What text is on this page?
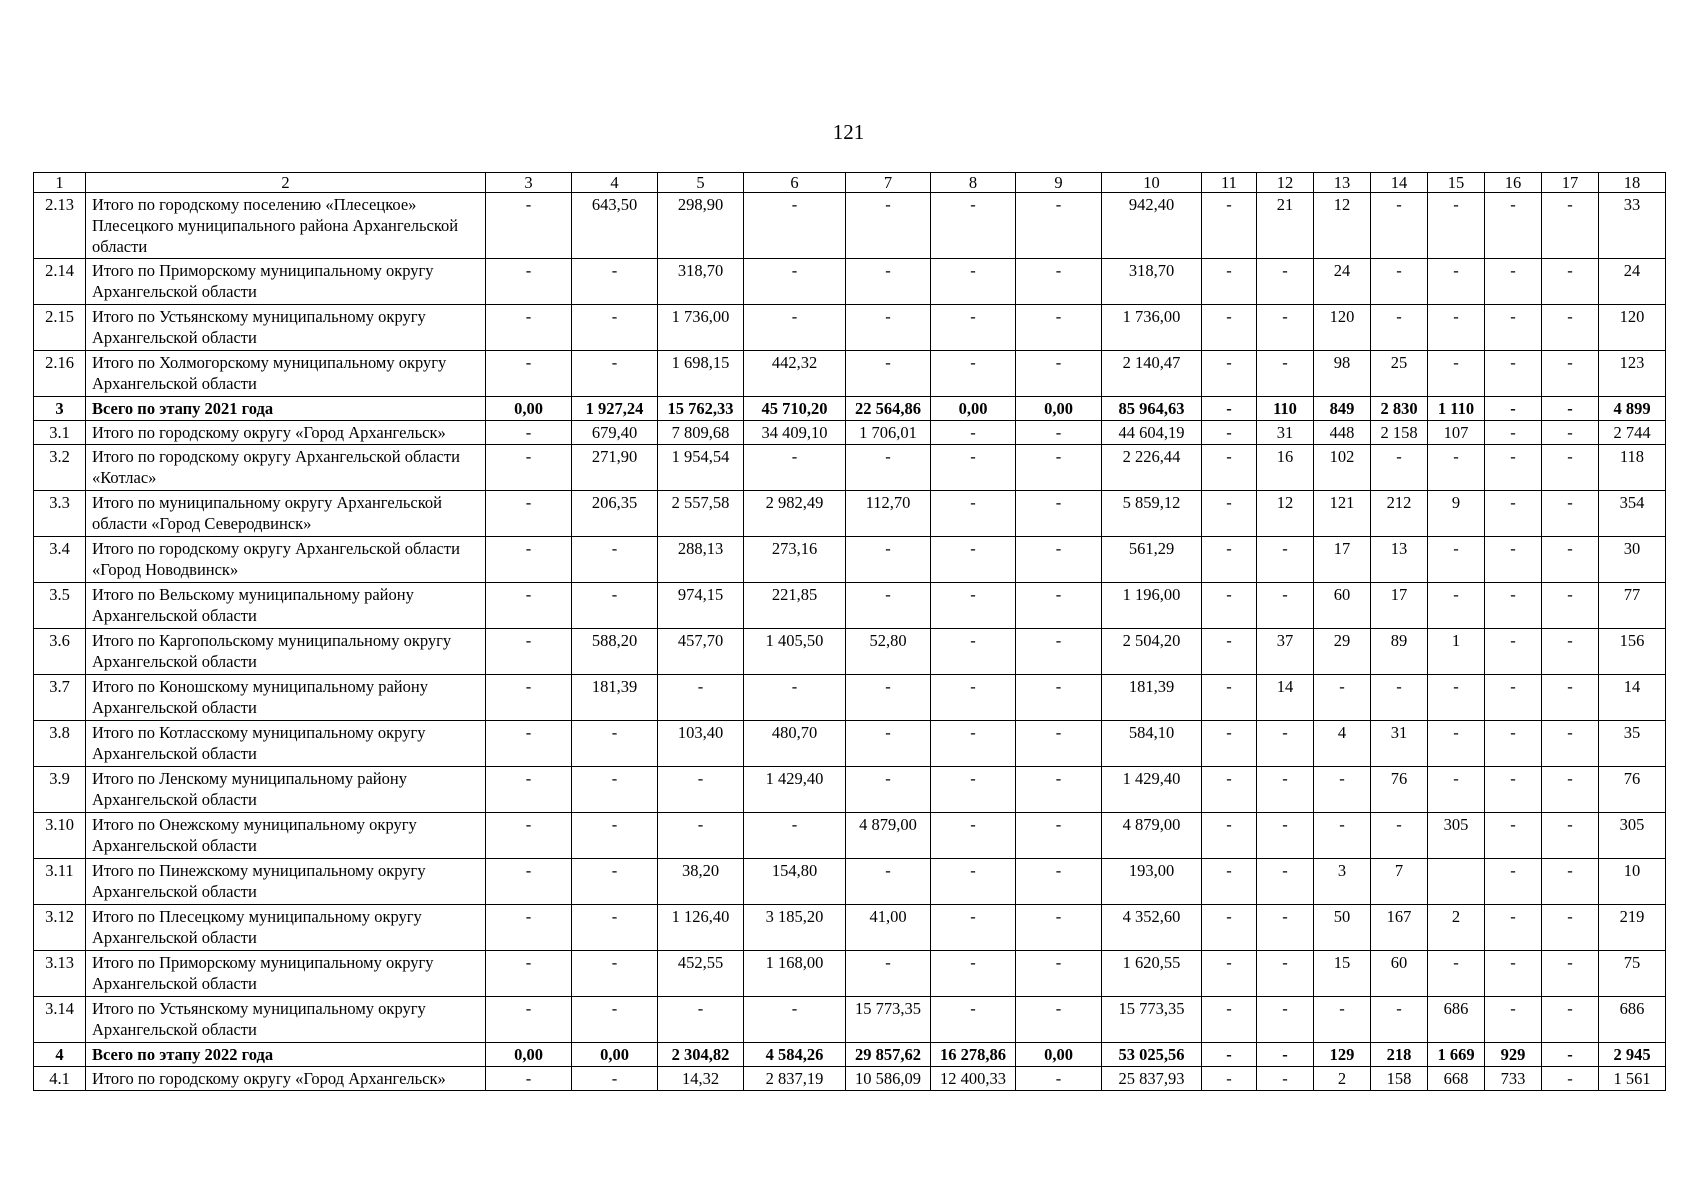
121
1	2	3	4	5	6	7	8	9	10	11	12	13	14	15	16	17	18
2.13	Итого по городскому поселению «Плесецкое» Плесецкого муниципального района Архангельской области	-	643,50	298,90	-	-	-	-	942,40	-	21	12	-	-	-	-	33
2.14	Итого по Приморскому муниципальному округу Архангельской области	-	-	318,70	-	-	-	-	318,70	-	-	24	-	-	-	-	24
2.15	Итого по Устьянскому муниципальному округу Архангельской области	-	-	1 736,00	-	-	-	-	1 736,00	-	-	120	-	-	-	-	120
2.16	Итого по Холмогорскому муниципальному округу Архангельской области	-	-	1 698,15	442,32	-	-	-	2 140,47	-	-	98	25	-	-	-	123
3	Всего по этапу 2021 года	0,00	1 927,24	15 762,33	45 710,20	22 564,86	0,00	0,00	85 964,63	-	110	849	2 830	1 110	-	-	4 899
3.1	Итого по городскому округу «Город Архангельск»	-	679,40	7 809,68	34 409,10	1 706,01	-	-	44 604,19	-	31	448	2 158	107	-	-	2 744
3.2	Итого по городскому округу Архангельской области «Котлас»	-	271,90	1 954,54	-	-	-	-	2 226,44	-	16	102	-	-	-	-	118
3.3	Итого по муниципальному округу Архангельской области «Город Северодвинск»	-	206,35	2 557,58	2 982,49	112,70	-	-	5 859,12	-	12	121	212	9	-	-	354
3.4	Итого по городскому округу Архангельской области «Город Новодвинск»	-	-	288,13	273,16	-	-	-	561,29	-	-	17	13	-	-	-	30
3.5	Итого по Вельскому муниципальному району Архангельской области	-	-	974,15	221,85	-	-	-	1 196,00	-	-	60	17	-	-	-	77
3.6	Итого по Каргопольскому муниципальному округу Архангельской области	-	588,20	457,70	1 405,50	52,80	-	-	2 504,20	-	37	29	89	1	-	-	156
3.7	Итого по Коношскому муниципальному району Архангельской области	-	181,39	-	-	-	-	-	181,39	-	14	-	-	-	-	-	14
3.8	Итого по Котласскому муниципальному округу Архангельской области	-	-	103,40	480,70	-	-	-	584,10	-	-	4	31	-	-	-	35
3.9	Итого по Ленскому муниципальному району Архангельской области	-	-	-	1 429,40	-	-	-	1 429,40	-	-	-	76	-	-	-	76
3.10	Итого по Онежскому муниципальному округу Архангельской области	-	-	-	-	4 879,00	-	-	4 879,00	-	-	-	-	305	-	-	305
3.11	Итого по Пинежскому муниципальному округу Архангельской области	-	-	38,20	154,80	-	-	-	193,00	-	-	3	7		-	-	10
3.12	Итого по Плесецкому муниципальному округу Архангельской области	-	-	1 126,40	3 185,20	41,00	-	-	4 352,60	-	-	50	167	2	-	-	219
3.13	Итого по Приморскому муниципальному округу Архангельской области	-	-	452,55	1 168,00	-	-	-	1 620,55	-	-	15	60	-	-	-	75
3.14	Итого по Устьянскому муниципальному округу Архангельской области	-	-	-	-	15 773,35	-	-	15 773,35	-	-	-	-	686	-	-	686
4	Всего по этапу 2022 года	0,00	0,00	2 304,82	4 584,26	29 857,62	16 278,86	0,00	53 025,56	-	-	129	218	1 669	929	-	2 945
4.1	Итого по городскому округу «Город Архангельск»	-	-	14,32	2 837,19	10 586,09	12 400,33	-	25 837,93	-	-	2	158	668	733	-	1 561
